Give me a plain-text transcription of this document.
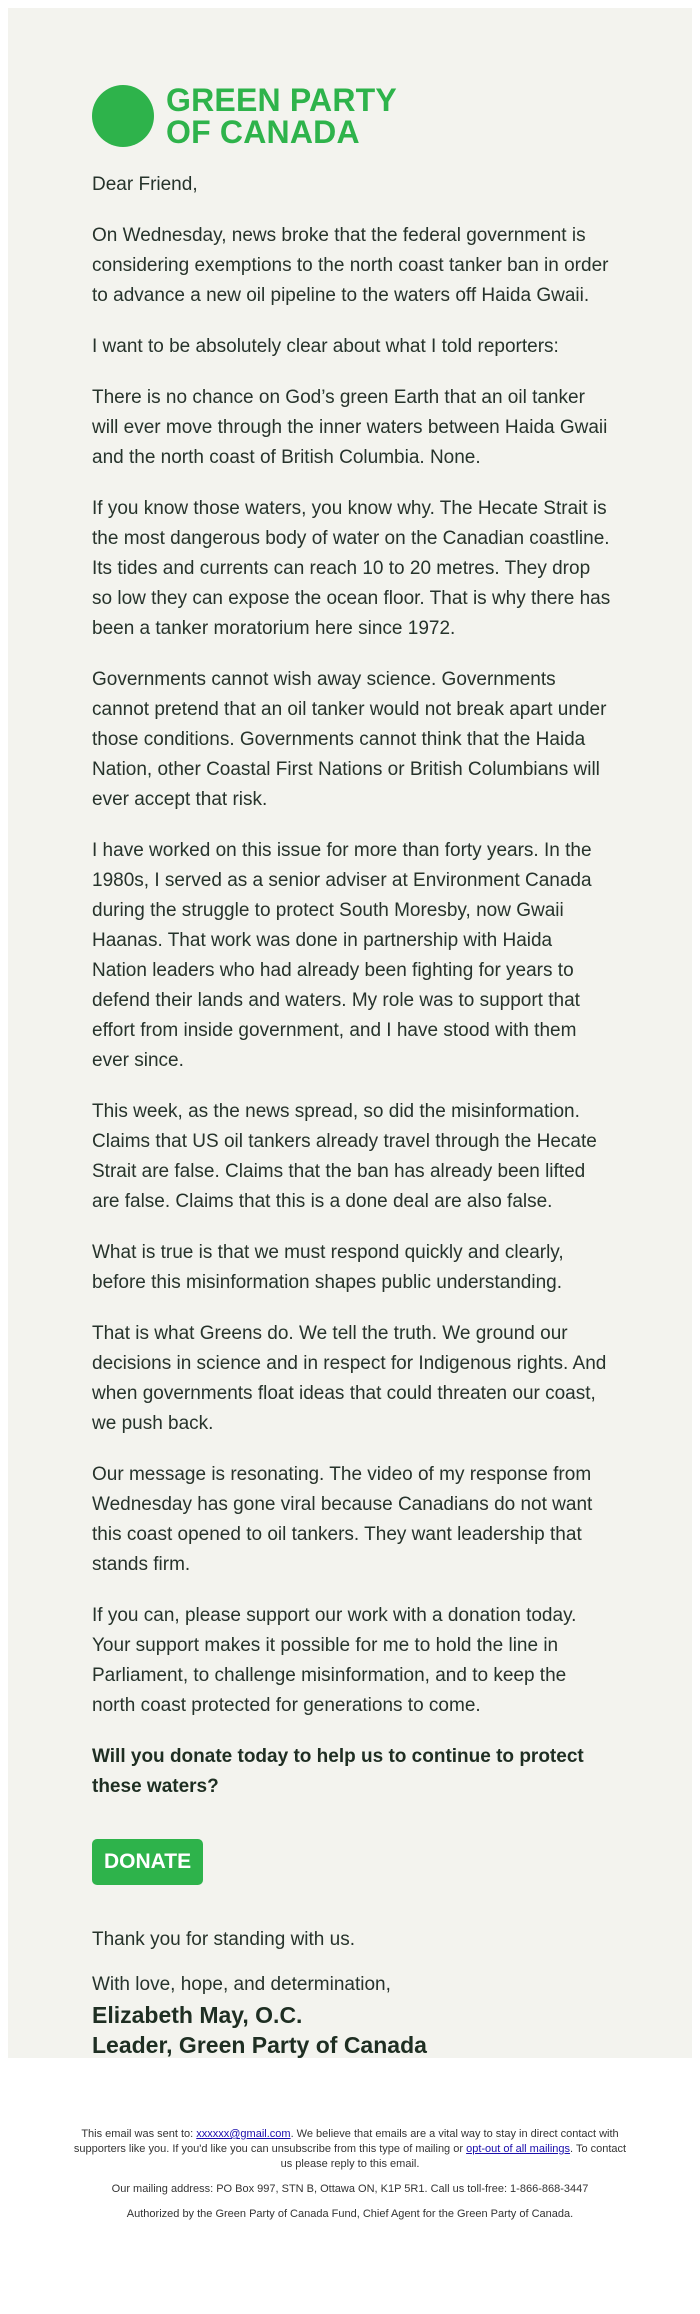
GREEN PARTY
OF CANADA

Dear Friend,

On Wednesday, news broke that the federal government is considering exemptions to the north coast tanker ban in order to advance a new oil pipeline to the waters off Haida Gwaii.

I want to be absolutely clear about what I told reporters:

There is no chance on God’s green Earth that an oil tanker will ever move through the inner waters between Haida Gwaii and the north coast of British Columbia. None.

If you know those waters, you know why. The Hecate Strait is the most dangerous body of water on the Canadian coastline. Its tides and currents can reach 10 to 20 metres. They drop so low they can expose the ocean floor. That is why there has been a tanker moratorium here since 1972.

Governments cannot wish away science. Governments cannot pretend that an oil tanker would not break apart under those conditions. Governments cannot think that the Haida Nation, other Coastal First Nations or British Columbians will ever accept that risk.

I have worked on this issue for more than forty years. In the 1980s, I served as a senior adviser at Environment Canada during the struggle to protect South Moresby, now Gwaii Haanas. That work was done in partnership with Haida Nation leaders who had already been fighting for years to defend their lands and waters. My role was to support that effort from inside government, and I have stood with them ever since.

This week, as the news spread, so did the misinformation. Claims that US oil tankers already travel through the Hecate Strait are false. Claims that the ban has already been lifted are false. Claims that this is a done deal are also false.

What is true is that we must respond quickly and clearly, before this misinformation shapes public understanding.

That is what Greens do. We tell the truth. We ground our decisions in science and in respect for Indigenous rights. And when governments float ideas that could threaten our coast, we push back.

Our message is resonating. The video of my response from Wednesday has gone viral because Canadians do not want this coast opened to oil tankers. They want leadership that stands firm.

If you can, please support our work with a donation today. Your support makes it possible for me to hold the line in Parliament, to challenge misinformation, and to keep the north coast protected for generations to come.

Will you donate today to help us to continue to protect these waters?

DONATE

Thank you for standing with us.

With love, hope, and determination,

Elizabeth May, O.C.
Leader, Green Party of Canada

This email was sent to: xxxxxx@gmail.com. We believe that emails are a vital way to stay in direct contact with supporters like you. If you'd like you can unsubscribe from this type of mailing or opt-out of all mailings. To contact us please reply to this email.

Our mailing address: PO Box 997, STN B, Ottawa ON, K1P 5R1. Call us toll-free: 1-866-868-3447

Authorized by the Green Party of Canada Fund, Chief Agent for the Green Party of Canada.
